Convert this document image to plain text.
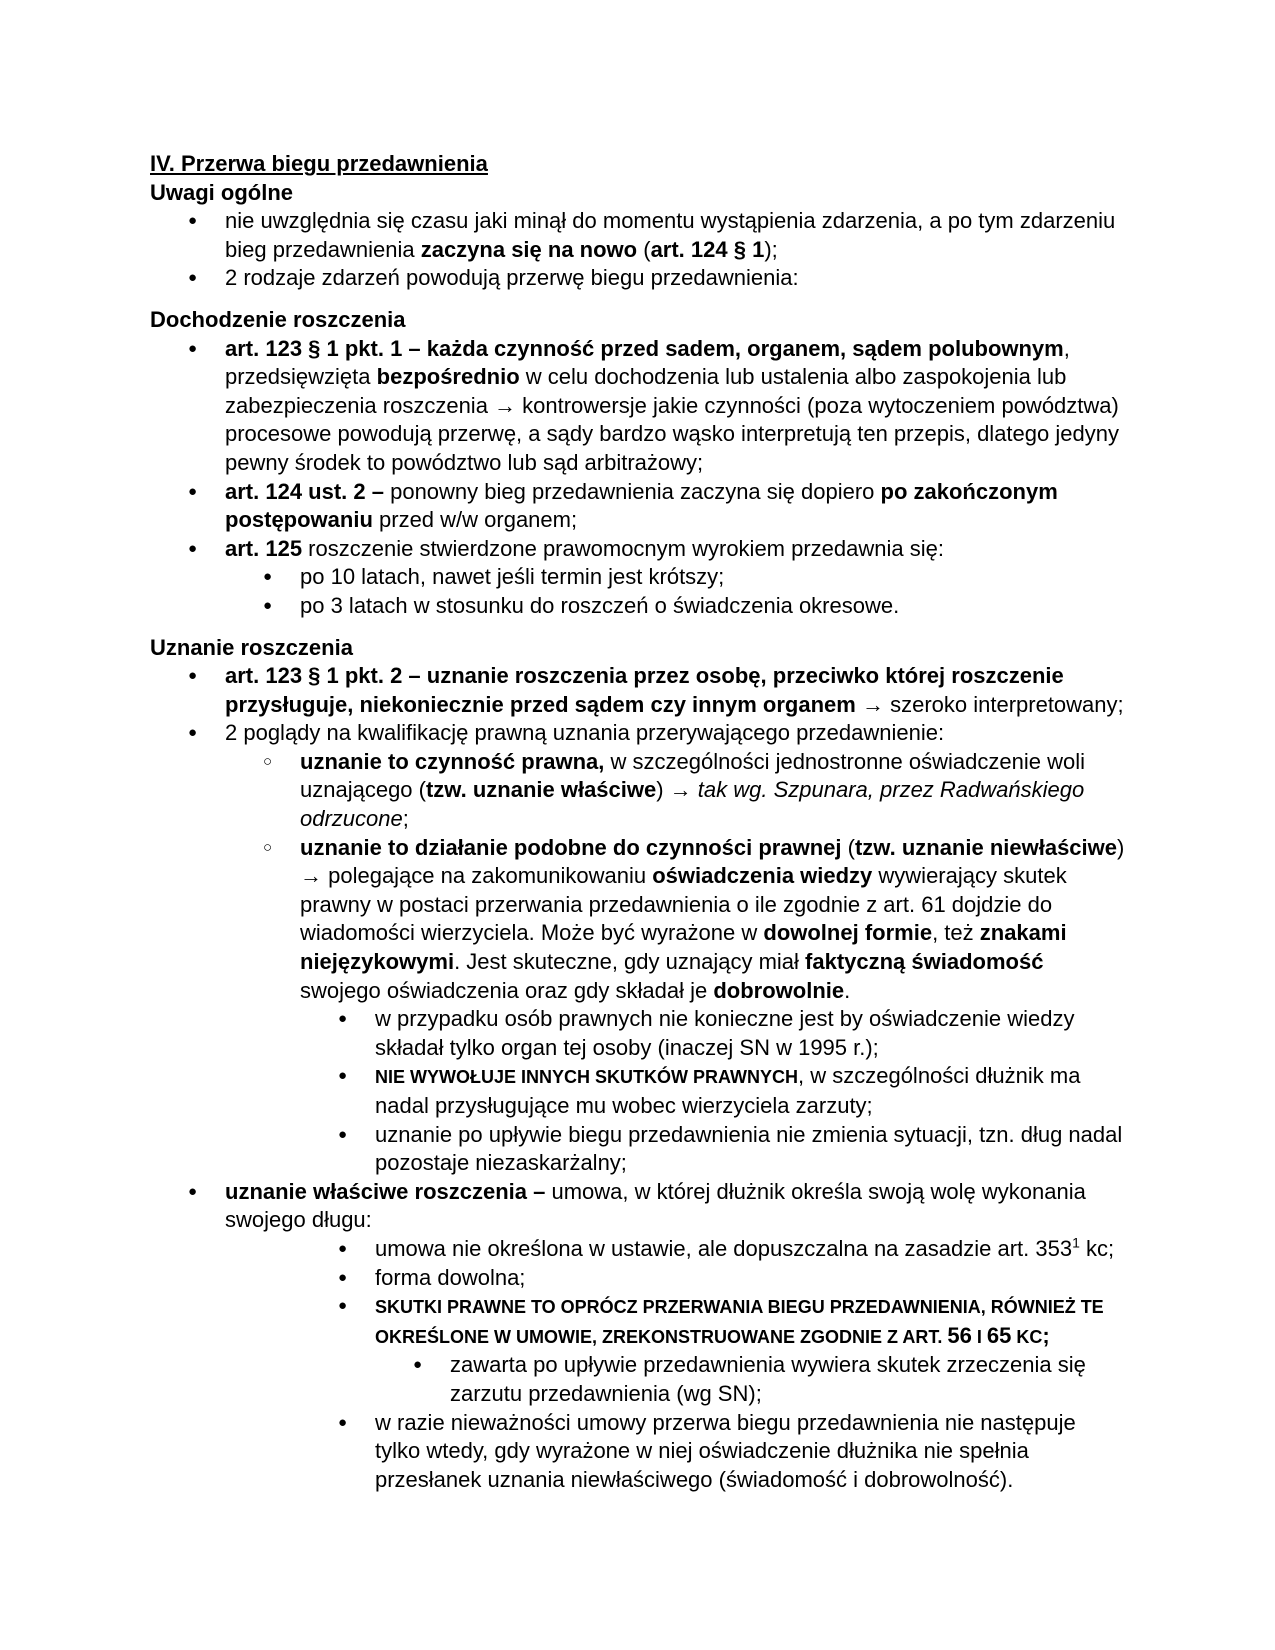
IV. Przerwa biegu przedawnienia
Uwagi ogólne
● nie uwzględnia się czasu jaki minął do momentu wystąpienia zdarzenia, a po tym zdarzeniu bieg przedawnienia zaczyna się na nowo (art. 124 § 1);
● 2 rodzaje zdarzeń powodują przerwę biegu przedawnienia:
Dochodzenie roszczenia
● art. 123 § 1 pkt. 1 – każda czynność przed sadem, organem, sądem polubownym, przedsięwzięta bezpośrednio w celu dochodzenia lub ustalenia albo zaspokojenia lub zabezpieczenia roszczenia → kontrowersje jakie czynności (poza wytoczeniem powództwa) procesowe powodują przerwę, a sądy bardzo wąsko interpretują ten przepis, dlatego jedyny pewny środek to powództwo lub sąd arbitrażowy;
● art. 124 ust. 2 – ponowny bieg przedawnienia zaczyna się dopiero po zakończonym postępowaniu przed w/w organem;
● art. 125 roszczenie stwierdzone prawomocnym wyrokiem przedawnia się:
● po 10 latach, nawet jeśli termin jest krótszy;
● po 3 latach w stosunku do roszczeń o świadczenia okresowe.
Uznanie roszczenia
● art. 123 § 1 pkt. 2 – uznanie roszczenia przez osobę, przeciwko której roszczenie przysługuje, niekoniecznie przed sądem czy innym organem → szeroko interpretowany;
● 2 poglądy na kwalifikację prawną uznania przerywającego przedawnienie:
○ uznanie to czynność prawna, w szczególności jednostronne oświadczenie woli uznającego (tzw. uznanie właściwe) → tak wg. Szpunara, przez Radwańskiego odrzucone;
○ uznanie to działanie podobne do czynności prawnej (tzw. uznanie niewłaściwe) → polegające na zakomunikowaniu oświadczenia wiedzy wywierający skutek prawny w postaci przerwania przedawnienia o ile zgodnie z art. 61 dojdzie do wiadomości wierzyciela. Może być wyrażone w dowolnej formie, też znakami niejęzykowymi. Jest skuteczne, gdy uznający miał faktyczną świadomość swojego oświadczenia oraz gdy składał je dobrowolnie.
● w przypadku osób prawnych nie konieczne jest by oświadczenie wiedzy składał tylko organ tej osoby (inaczej SN w 1995 r.);
● NIE WYWOŁUJE INNYCH SKUTKÓW PRAWNYCH, w szczególności dłużnik ma nadal przysługujące mu wobec wierzyciela zarzuty;
● uznanie po upływie biegu przedawnienia nie zmienia sytuacji, tzn. dług nadal pozostaje niezaskarżalny;
● uznanie właściwe roszczenia – umowa, w której dłużnik określa swoją wolę wykonania swojego długu:
● umowa nie określona w ustawie, ale dopuszczalna na zasadzie art. $353^1$ kc;
● forma dowolna;
● SKUTKI PRAWNE TO OPRÓCZ PRZERWANIA BIEGU PRZEDAWNIENIA, RÓWNIEŻ TE OKREŚLONE W UMOWIE, ZREKONSTRUOWANE ZGODNIE Z ART. 56 I 65 KC;
● zawarta po upływie przedawnienia wywiera skutek zrzeczenia się zarzutu przedawnienia (wg SN);
● w razie nieważności umowy przerwa biegu przedawnienia nie następuje tylko wtedy, gdy wyrażone w niej oświadczenie dłużnika nie spełnia przesłanek uznania niewłaściwego (świadomość i dobrowolność).
